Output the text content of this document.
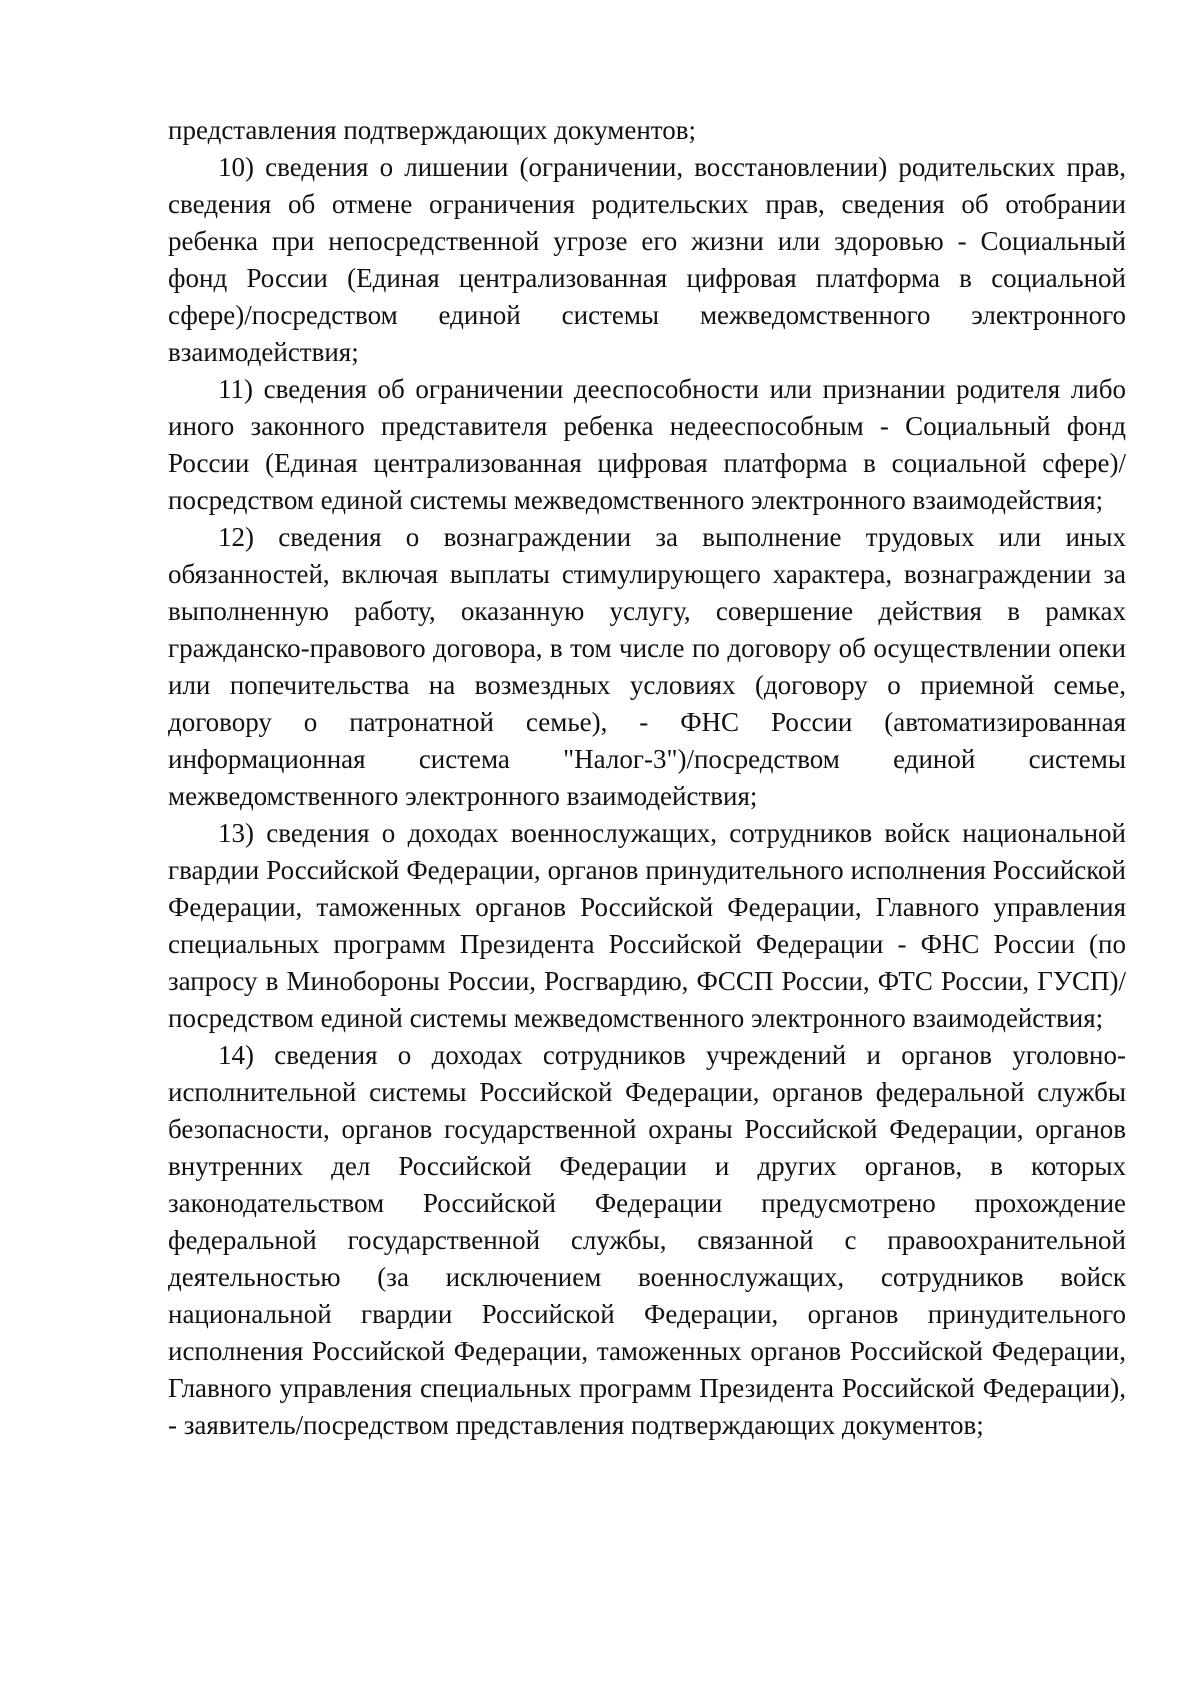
представления подтверждающих документов;

10) сведения о лишении (ограничении, восстановлении) родительских прав, сведения об отмене ограничения родительских прав, сведения об отобрании ребенка при непосредственной угрозе его жизни или здоровью - Социальный фонд России (Единая централизованная цифровая платформа в социальной сфере)/посредством единой системы межведомственного электронного взаимодействия;

11) сведения об ограничении дееспособности или признании родителя либо иного законного представителя ребенка недееспособным - Социальный фонд России (Единая централизованная цифровая платформа в социальной сфере)/посредством единой системы межведомственного электронного взаимодействия;

12) сведения о вознаграждении за выполнение трудовых или иных обязанностей, включая выплаты стимулирующего характера, вознаграждении за выполненную работу, оказанную услугу, совершение действия в рамках гражданско-правового договора, в том числе по договору об осуществлении опеки или попечительства на возмездных условиях (договору о приемной семье, договору о патронатной семье), - ФНС России (автоматизированная информационная система "Налог-3")/посредством единой системы межведомственного электронного взаимодействия;

13) сведения о доходах военнослужащих, сотрудников войск национальной гвардии Российской Федерации, органов принудительного исполнения Российской Федерации, таможенных органов Российской Федерации, Главного управления специальных программ Президента Российской Федерации - ФНС России (по запросу в Минобороны России, Росгвардию, ФССП России, ФТС России, ГУСП)/посредством единой системы межведомственного электронного взаимодействия;

14) сведения о доходах сотрудников учреждений и органов уголовно-исполнительной системы Российской Федерации, органов федеральной службы безопасности, органов государственной охраны Российской Федерации, органов внутренних дел Российской Федерации и других органов, в которых законодательством Российской Федерации предусмотрено прохождение федеральной государственной службы, связанной с правоохранительной деятельностью (за исключением военнослужащих, сотрудников войск национальной гвардии Российской Федерации, органов принудительного исполнения Российской Федерации, таможенных органов Российской Федерации, Главного управления специальных программ Президента Российской Федерации), - заявитель/посредством представления подтверждающих документов;
